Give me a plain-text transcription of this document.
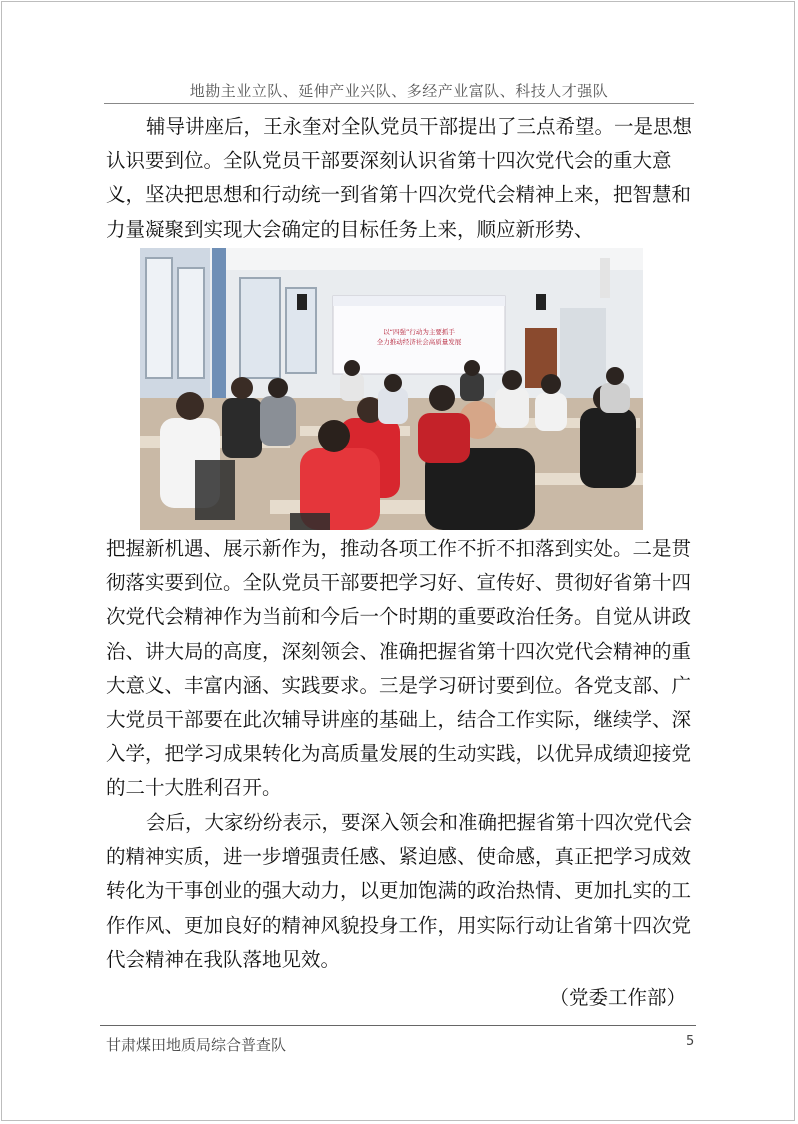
地勘主业立队、延伸产业兴队、多经产业富队、科技人才强队

辅导讲座后，王永奎对全队党员干部提出了三点希望。一是思想认识要到位。全队党员干部要深刻认识省第十四次党代会的重大意义，坚决把思想和行动统一到省第十四次党代会精神上来，把智慧和力量凝聚到实现大会确定的目标任务上来，顺应新形势、

以“四强”行动为主要抓手
全力推动经济社会高质量发展

把握新机遇、展示新作为，推动各项工作不折不扣落到实处。二是贯彻落实要到位。全队党员干部要把学习好、宣传好、贯彻好省第十四次党代会精神作为当前和今后一个时期的重要政治任务。自觉从讲政治、讲大局的高度，深刻领会、准确把握省第十四次党代会精神的重大意义、丰富内涵、实践要求。三是学习研讨要到位。各党支部、广大党员干部要在此次辅导讲座的基础上，结合工作实际，继续学、深入学，把学习成果转化为高质量发展的生动实践，以优异成绩迎接党的二十大胜利召开。

会后，大家纷纷表示，要深入领会和准确把握省第十四次党代会的精神实质，进一步增强责任感、紧迫感、使命感，真正把学习成效转化为干事创业的强大动力，以更加饱满的政治热情、更加扎实的工作作风、更加良好的精神风貌投身工作，用实际行动让省第十四次党代会精神在我队落地见效。

（党委工作部）

甘肃煤田地质局综合普查队	5
